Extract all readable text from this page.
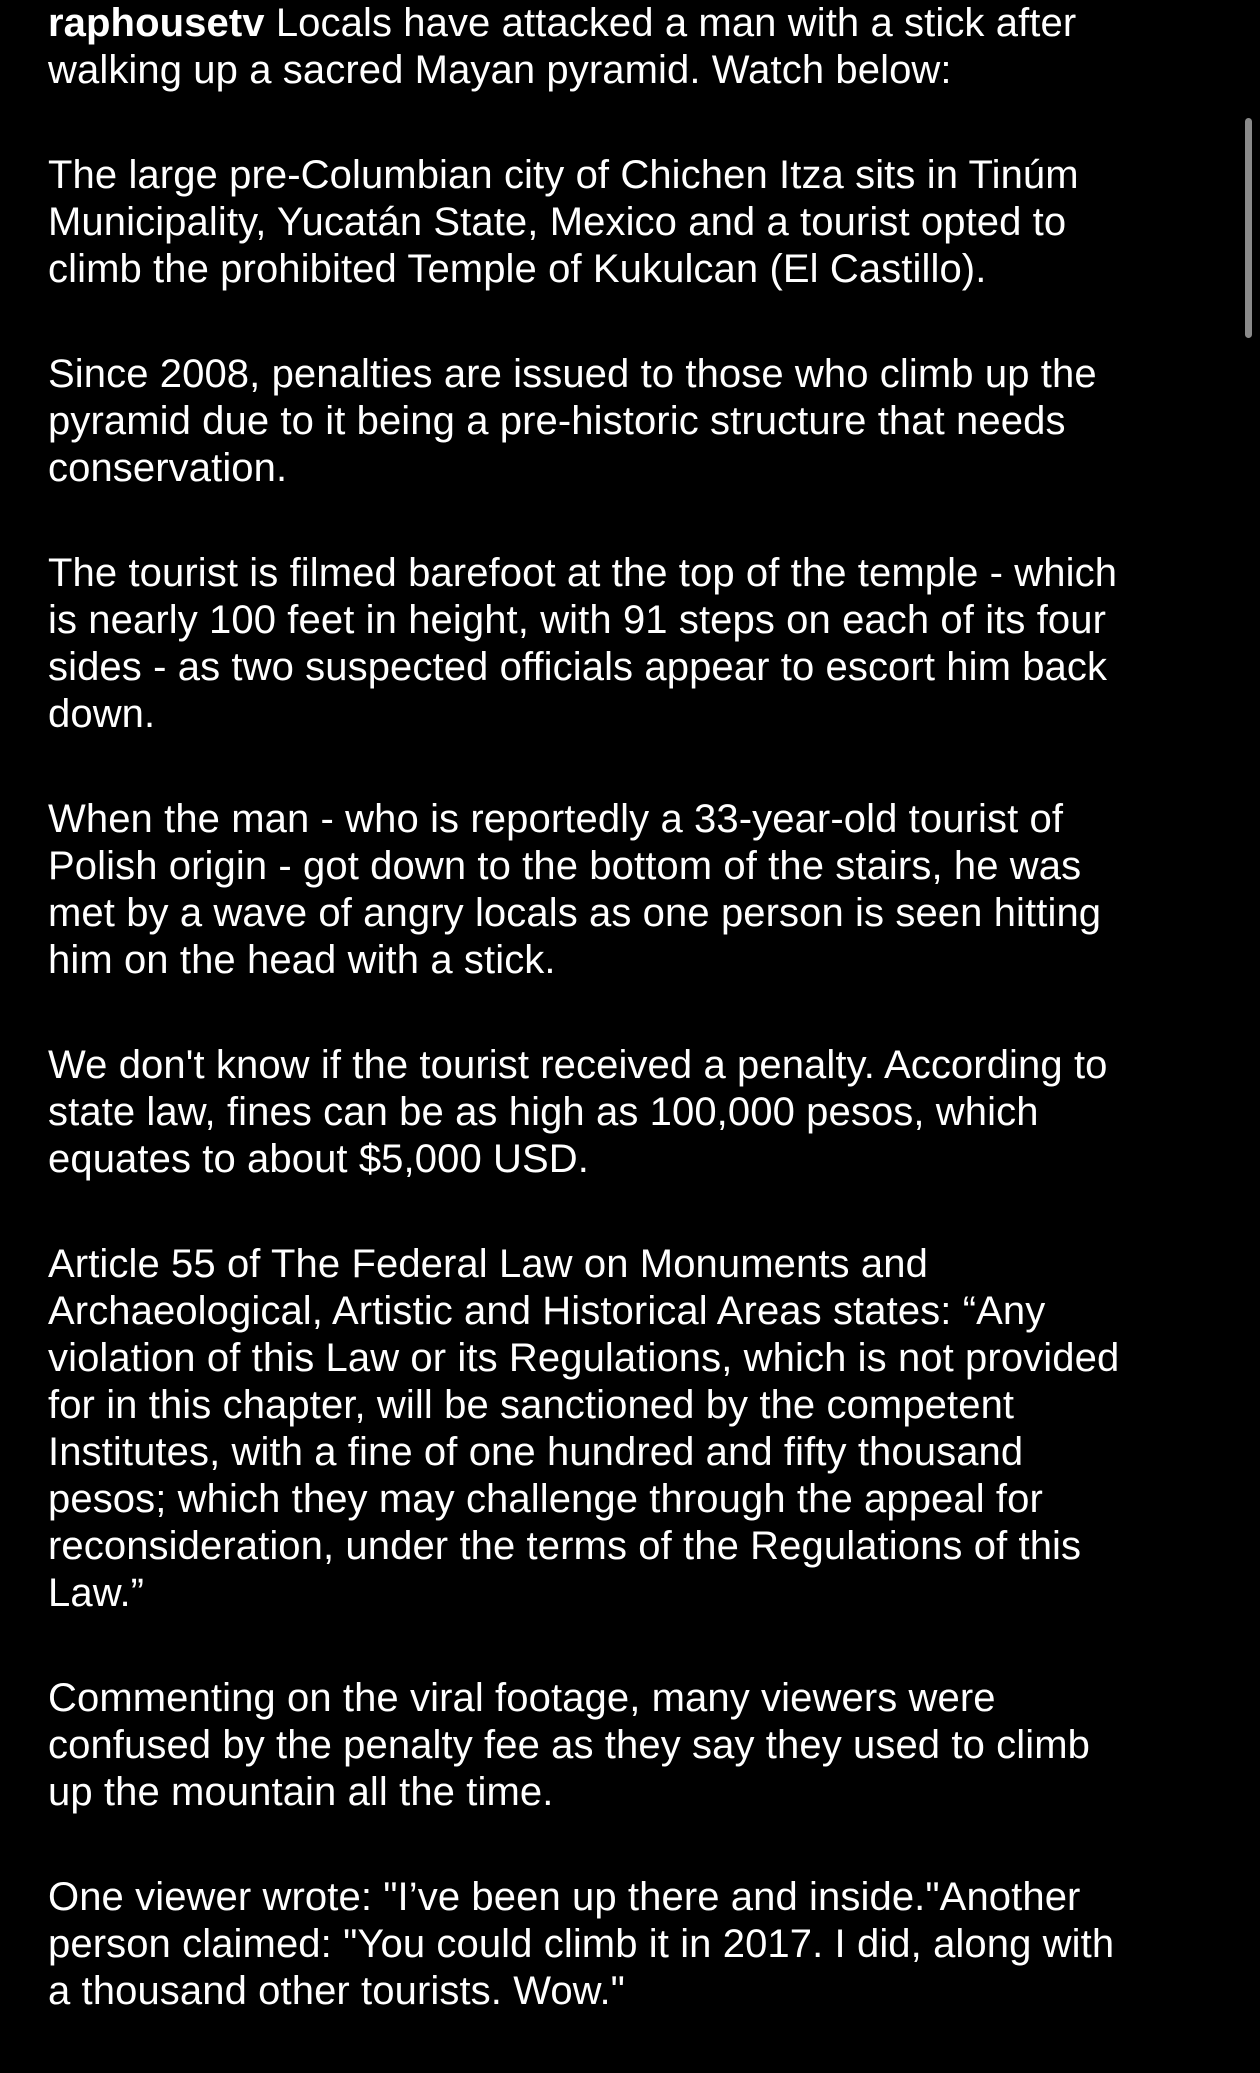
raphousetv Locals have attacked a man with a stick after
walking up a sacred Mayan pyramid. Watch below:

The large pre-Columbian city of Chichen Itza sits in Tinúm
Municipality, Yucatán State, Mexico and a tourist opted to
climb the prohibited Temple of Kukulcan (El Castillo).

Since 2008, penalties are issued to those who climb up the
pyramid due to it being a pre-historic structure that needs
conservation.

The tourist is filmed barefoot at the top of the temple - which
is nearly 100 feet in height, with 91 steps on each of its four
sides - as two suspected officials appear to escort him back
down.

When the man - who is reportedly a 33-year-old tourist of
Polish origin - got down to the bottom of the stairs, he was
met by a wave of angry locals as one person is seen hitting
him on the head with a stick.

We don't know if the tourist received a penalty. According to
state law, fines can be as high as 100,000 pesos, which
equates to about $5,000 USD.

Article 55 of The Federal Law on Monuments and
Archaeological, Artistic and Historical Areas states: “Any
violation of this Law or its Regulations, which is not provided
for in this chapter, will be sanctioned by the competent
Institutes, with a fine of one hundred and fifty thousand
pesos; which they may challenge through the appeal for
reconsideration, under the terms of the Regulations of this
Law.”

Commenting on the viral footage, many viewers were
confused by the penalty fee as they say they used to climb
up the mountain all the time.

One viewer wrote: "I’ve been up there and inside."Another
person claimed: "You could climb it in 2017. I did, along with
a thousand other tourists. Wow."
